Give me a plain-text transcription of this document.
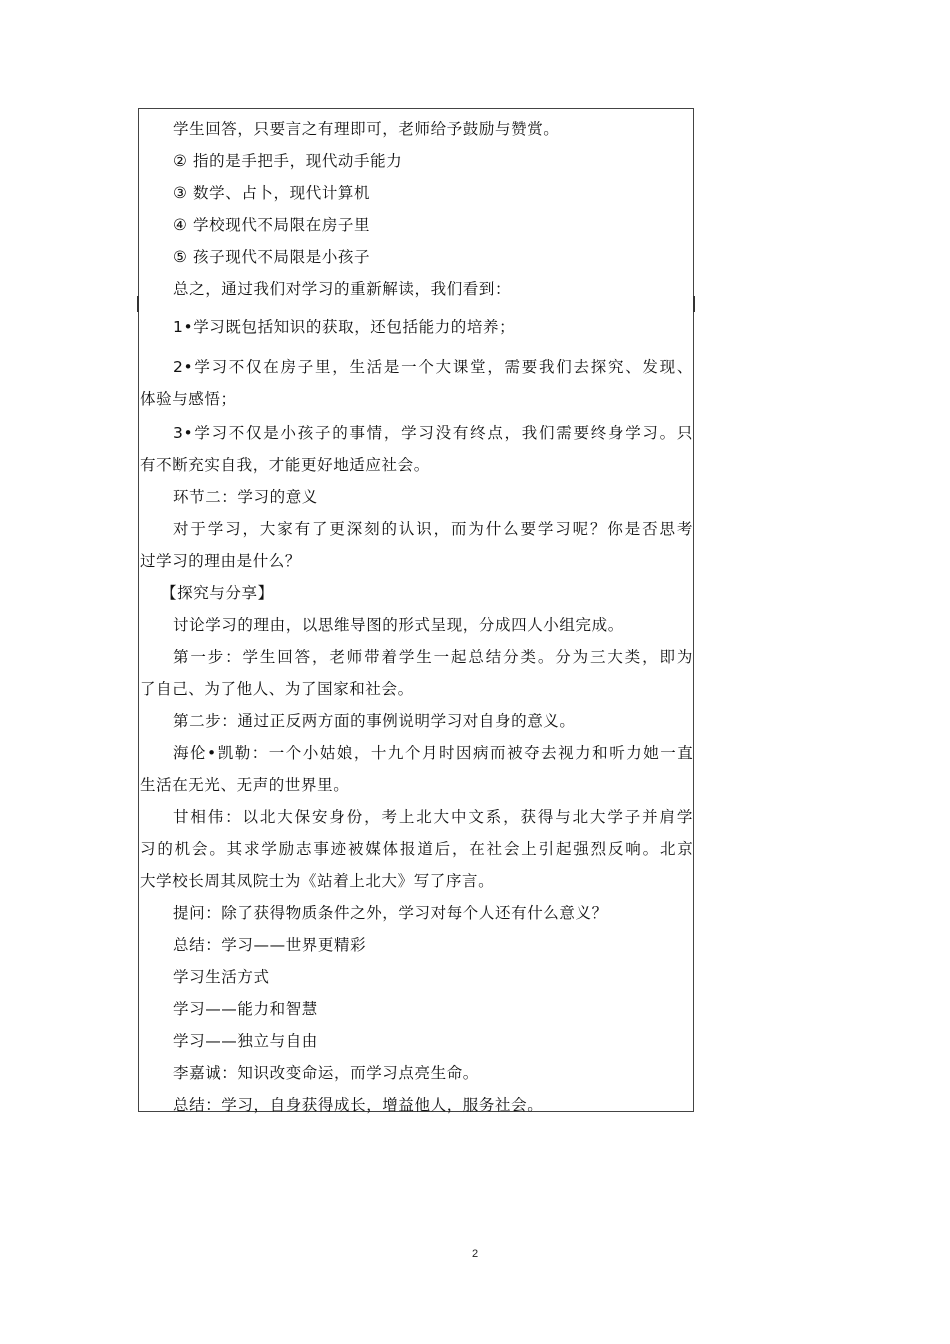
学生回答，只要言之有理即可，老师给予鼓励与赞赏。
② 指的是手把手，现代动手能力
③ 数学、占卜，现代计算机
④ 学校现代不局限在房子里
⑤ 孩子现代不局限是小孩子
总之，通过我们对学习的重新解读，我们看到：
1•学习既包括知识的获取，还包括能力的培养；
2•学习不仅在房子里，生活是一个大课堂，需要我们去探究、发现、
体验与感悟；
3•学习不仅是小孩子的事情，学习没有终点，我们需要终身学习。只
有不断充实自我，才能更好地适应社会。
环节二：学习的意义
对于学习，大家有了更深刻的认识，而为什么要学习呢？你是否思考
过学习的理由是什么？
【探究与分享】
讨论学习的理由，以思维导图的形式呈现，分成四人小组完成。
第一步：学生回答，老师带着学生一起总结分类。分为三大类，即为
了自己、为了他人、为了国家和社会。
第二步：通过正反两方面的事例说明学习对自身的意义。
海伦•凯勒：一个小姑娘，十九个月时因病而被夺去视力和听力她一直
生活在无光、无声的世界里。
甘相伟：以北大保安身份，考上北大中文系，获得与北大学子并肩学
习的机会。其求学励志事迹被媒体报道后，在社会上引起强烈反响。北京
大学校长周其凤院士为《站着上北大》写了序言。
提问：除了获得物质条件之外，学习对每个人还有什么意义？
总结：学习——世界更精彩
学习生活方式
学习——能力和智慧
学习——独立与自由
李嘉诚：知识改变命运，而学习点亮生命。
总结：学习，自身获得成长，增益他人，服务社会。
2
